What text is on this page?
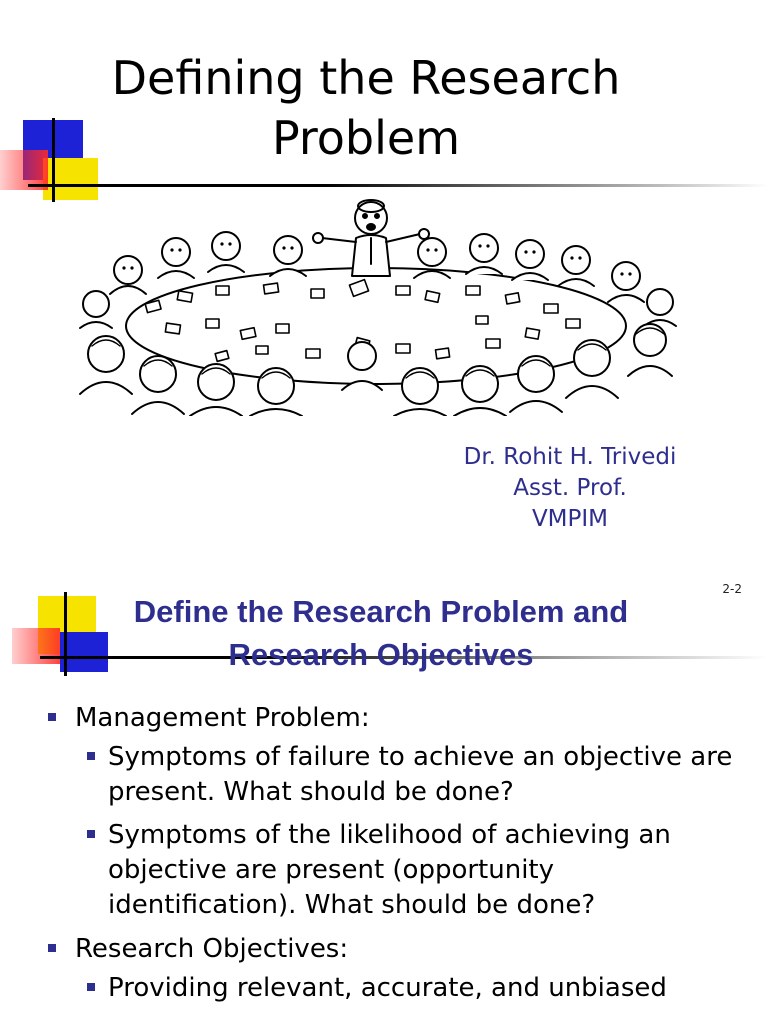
Defining the Research
Problem
Dr. Rohit H. Trivedi
Asst. Prof.
VMPIM
2-2
Define the Research Problem and
Research Objectives
Management Problem:
Symptoms of failure to achieve an objective are present. What should be done?
Symptoms of the likelihood of achieving an objective are present (opportunity identification). What should be done?
Research Objectives:
Providing relevant, accurate, and unbiased
